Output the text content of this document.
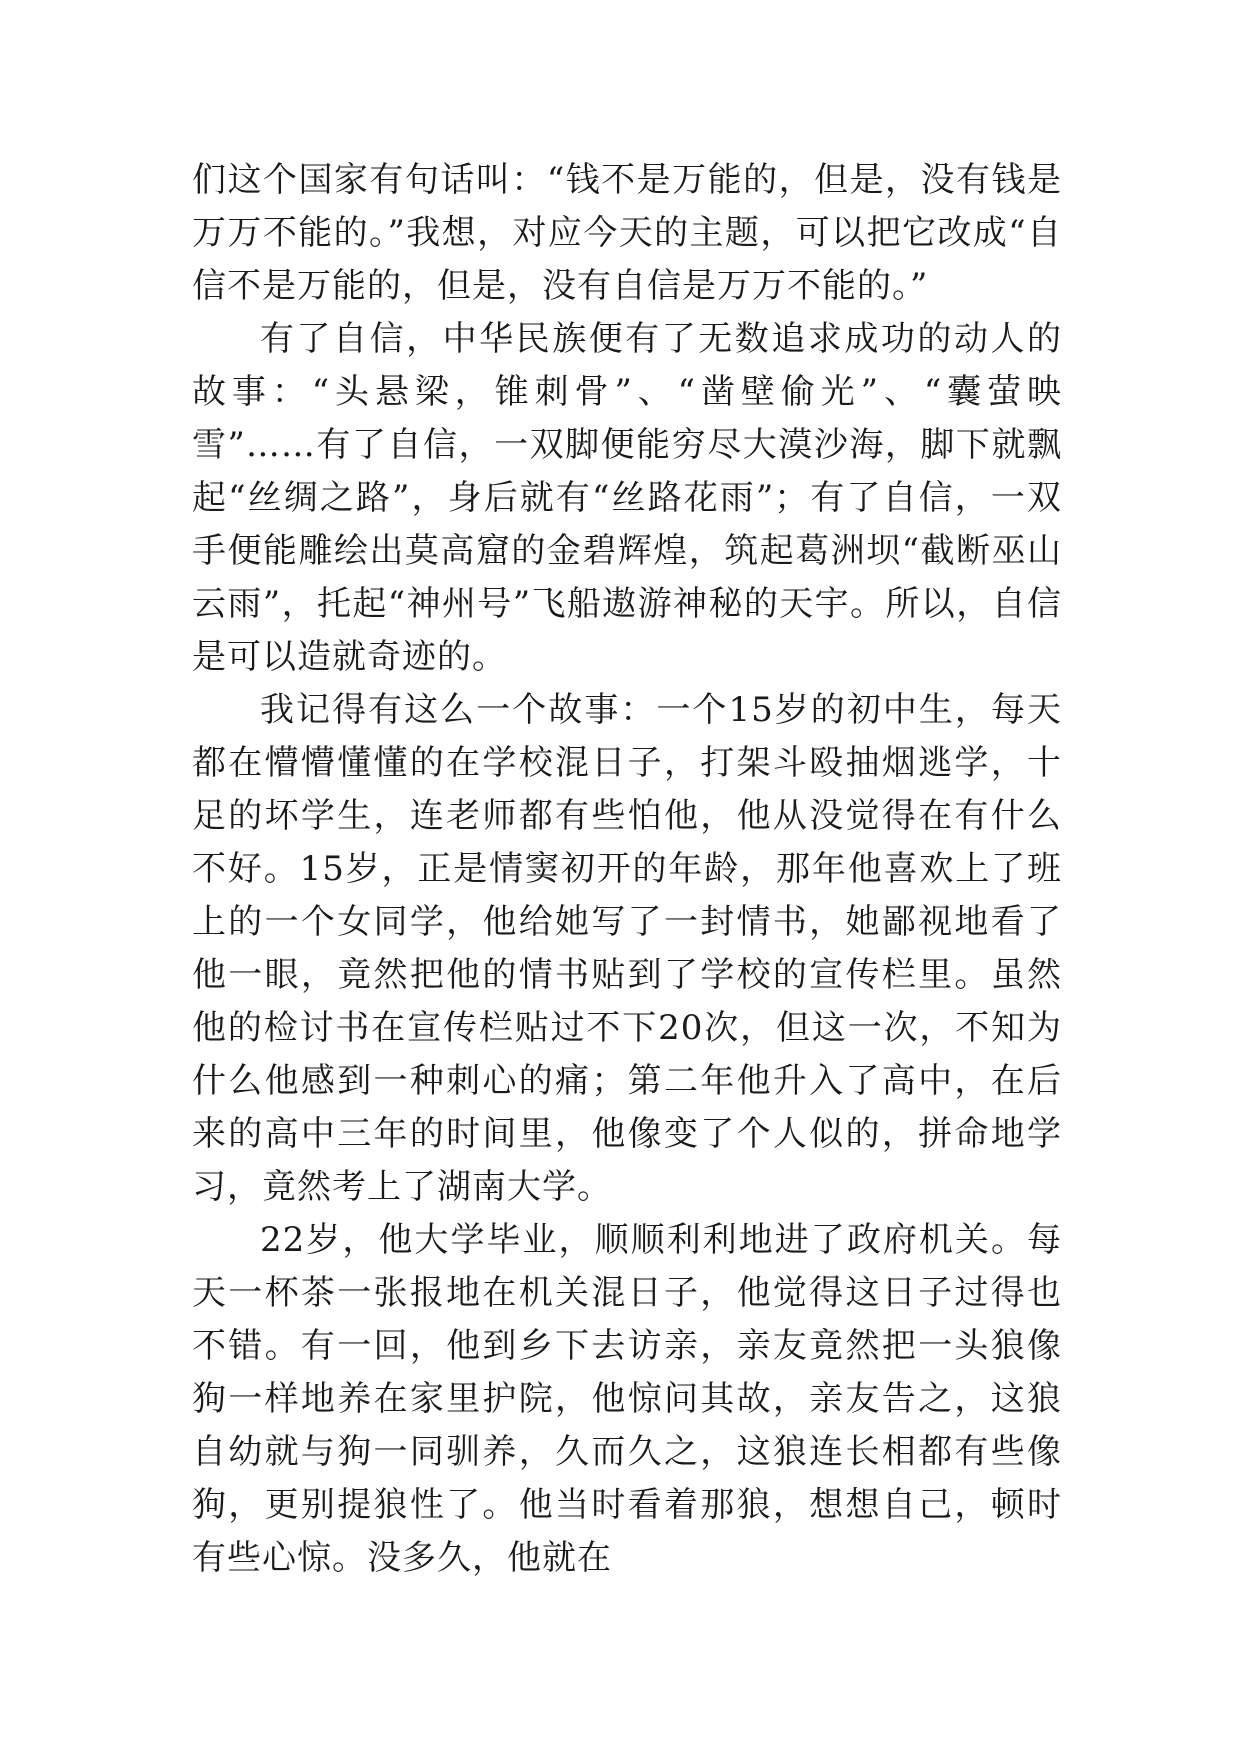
们这个国家有句话叫：“钱不是万能的，但是，没有钱是万万不能的。”我想，对应今天的主题，可以把它改成“自信不是万能的，但是，没有自信是万万不能的。”

有了自信，中华民族便有了无数追求成功的动人的故事：“头悬梁，锥刺骨”、“凿壁偷光”、“囊萤映雪”……有了自信，一双脚便能穷尽大漠沙海，脚下就飘起“丝绸之路”，身后就有“丝路花雨”；有了自信，一双手便能雕绘出莫高窟的金碧辉煌，筑起葛洲坝“截断巫山云雨”，托起“神州号”飞船遨游神秘的天宇。所以，自信是可以造就奇迹的。

我记得有这么一个故事：一个15岁的初中生，每天都在懵懵懂懂的在学校混日子，打架斗殴抽烟逃学，十足的坏学生，连老师都有些怕他，他从没觉得在有什么不好。15岁，正是情窦初开的年龄，那年他喜欢上了班上的一个女同学，他给她写了一封情书，她鄙视地看了他一眼，竟然把他的情书贴到了学校的宣传栏里。虽然他的检讨书在宣传栏贴过不下20次，但这一次，不知为什么他感到一种刺心的痛；第二年他升入了高中，在后来的高中三年的时间里，他像变了个人似的，拼命地学习，竟然考上了湖南大学。

22岁，他大学毕业，顺顺利利地进了政府机关。每天一杯茶一张报地在机关混日子，他觉得这日子过得也不错。有一回，他到乡下去访亲，亲友竟然把一头狼像狗一样地养在家里护院，他惊问其故，亲友告之，这狼自幼就与狗一同驯养，久而久之，这狼连长相都有些像狗，更别提狼性了。他当时看着那狼，想想自己，顿时有些心惊。没多久，他就在
